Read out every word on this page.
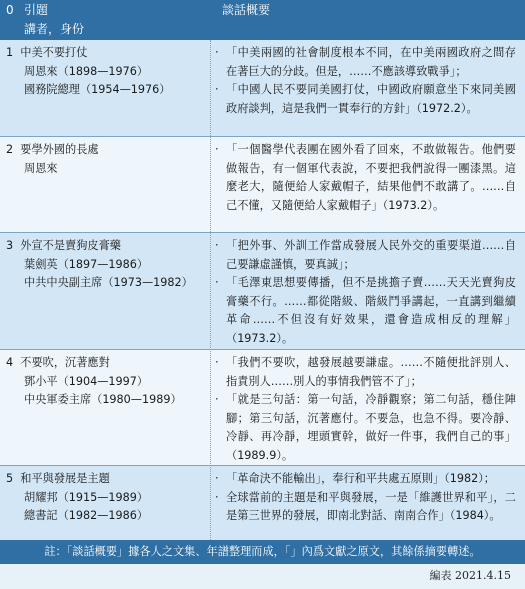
0 引題
講者，身份
談話概要
1 中美不要打仗
周恩來（1898—1976）
國務院總理（1954—1976）
· 「中美兩國的社會制度根本不同，在中美兩國政府之間存在著巨大的分歧。但是，……不應該導致戰爭」；
· 「中國人民不要同美國打仗，中國政府願意坐下來同美國政府談判，這是我們一貫奉行的方針」（1972.2）。
2 要學外國的長處
周恩來
· 「一個醫學代表團在國外看了回來，不敢做報告。他們要做報告，有一個軍代表說，不要把我們說得一團漆黑。這麼老大，隨便給人家戴帽子，結果他們不敢講了。……自己不懂，又隨便給人家戴帽子」（1973.2）。
3 外宣不是賣狗皮膏藥
葉劍英（1897—1986）
中共中央副主席（1973—1982）
· 「把外事、外訓工作當成發展人民外交的重要渠道……自己要謙虛謹慎，要真誠」；
· 「毛澤東思想要傳播，但不是挑擔子賣……天天光賣狗皮膏藥不行。……都從階級、階級鬥爭講起，一直講到繼續革命……不但沒有好效果，還會造成相反的理解」（1973.2）。
4 不要吹，沉著應對
鄧小平（1904—1997）
中央軍委主席（1980—1989）
· 「我們不要吹，越發展越要謙虛。……不隨便批評別人、指責別人……別人的事情我們管不了」；
· 「就是三句話：第一句話，冷靜觀察；第二句話，穩住陣腳；第三句話，沉著應付。不要急，也急不得。要冷靜、冷靜、再冷靜，埋頭實幹，做好一件事，我們自己的事」（1989.9）。
5 和平與發展是主題
胡耀邦（1915—1989）
總書記（1982—1986）
· 「革命決不能輸出」，奉行和平共處五原則」（1982）；
· 全球當前的主題是和平與發展，一是「維護世界和平」，二是第三世界的發展，即南北對話、南南合作」（1984）。
註：「談話概要」據各人之文集、年譜整理而成，「」內爲文獻之原文，其餘係摘要轉述。
編表 2021.4.15
